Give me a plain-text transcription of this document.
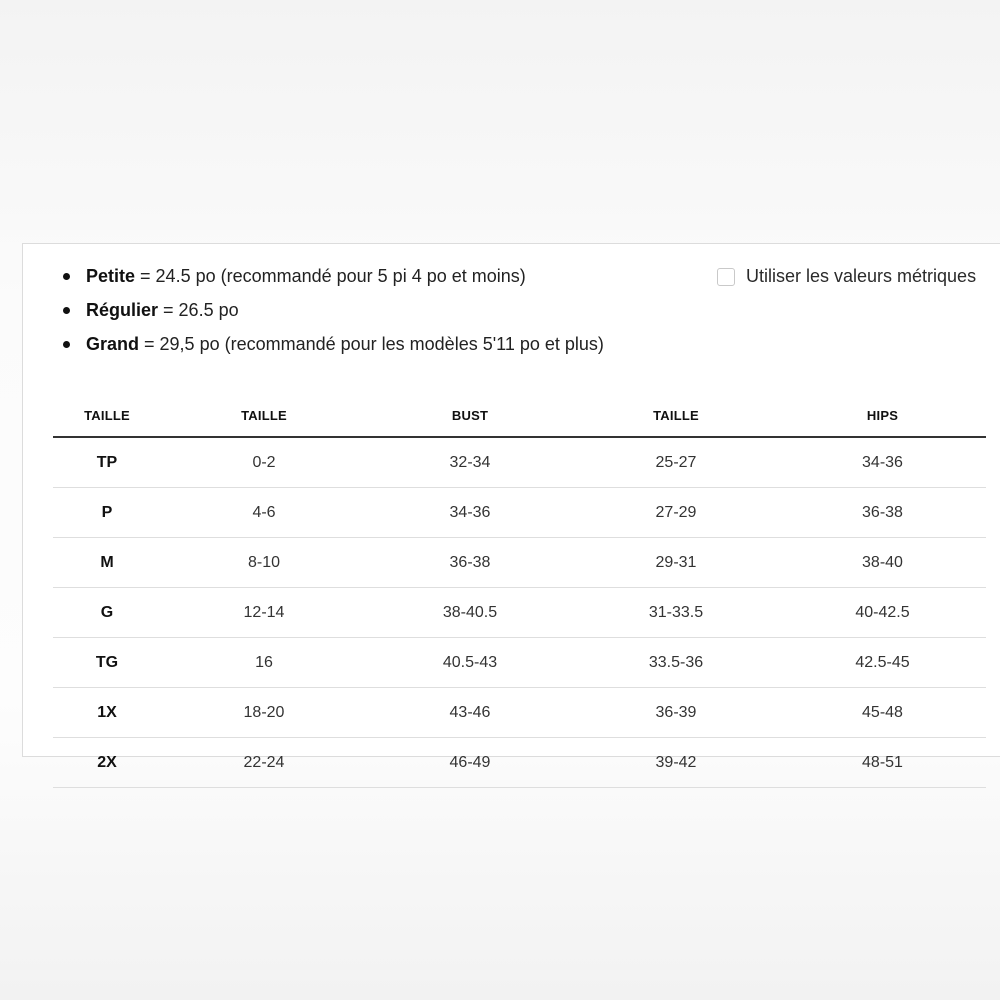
Petite = 24.5 po (recommandé pour 5 pi 4 po et moins)
Régulier = 26.5 po
Grand = 29,5 po (recommandé pour les modèles 5'11 po et plus)
Utiliser les valeurs métriques
TAILLE	TAILLE	BUST	TAILLE	HIPS
TP	0-2	32-34	25-27	34-36
P	4-6	34-36	27-29	36-38
M	8-10	36-38	29-31	38-40
G	12-14	38-40.5	31-33.5	40-42.5
TG	16	40.5-43	33.5-36	42.5-45
1X	18-20	43-46	36-39	45-48
2X	22-24	46-49	39-42	48-51
